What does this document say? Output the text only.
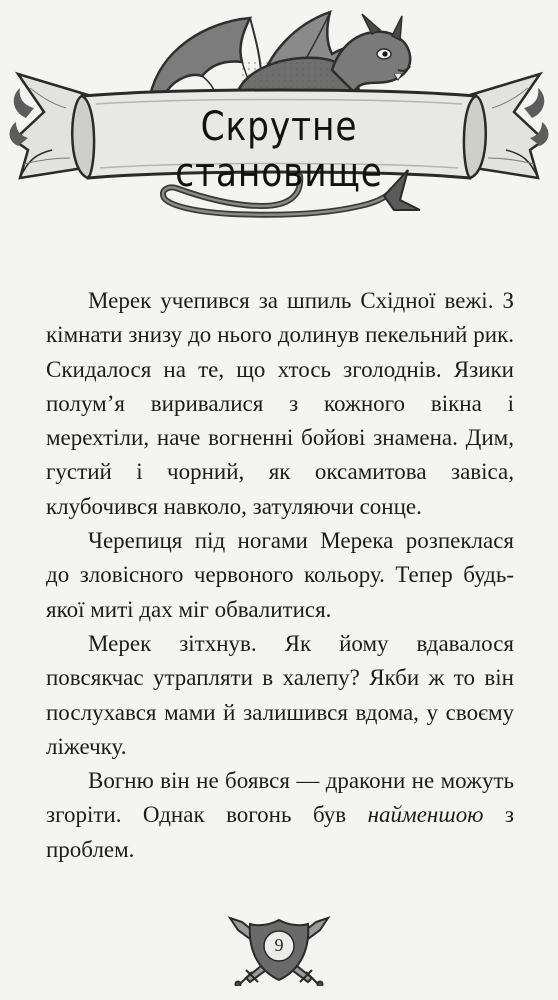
Скрутне становище

Мерек учепився за шпиль Східної вежі. З кімнати знизу до нього долинув пекельний рик. Скидалося на те, що хтось зголоднів. Язики полум’я виривалися з кожного вікна і мерехтіли, наче вогненні бойові знамена. Дим, густий і чорний, як оксамитова завіса, клубочився навколо, затуляючи сонце.

Черепиця під ногами Мерека розпеклася до зловісного червоного кольору. Тепер будь-якої миті дах міг обвалитися.

Мерек зітхнув. Як йому вдавалося повсякчас утрапляти в халепу? Якби ж то він послухався мами й залишився вдома, у своєму ліжечку.

Вогню він не боявся — дракони не можуть згоріти. Однак вогонь був найменшою з проблем.

9
